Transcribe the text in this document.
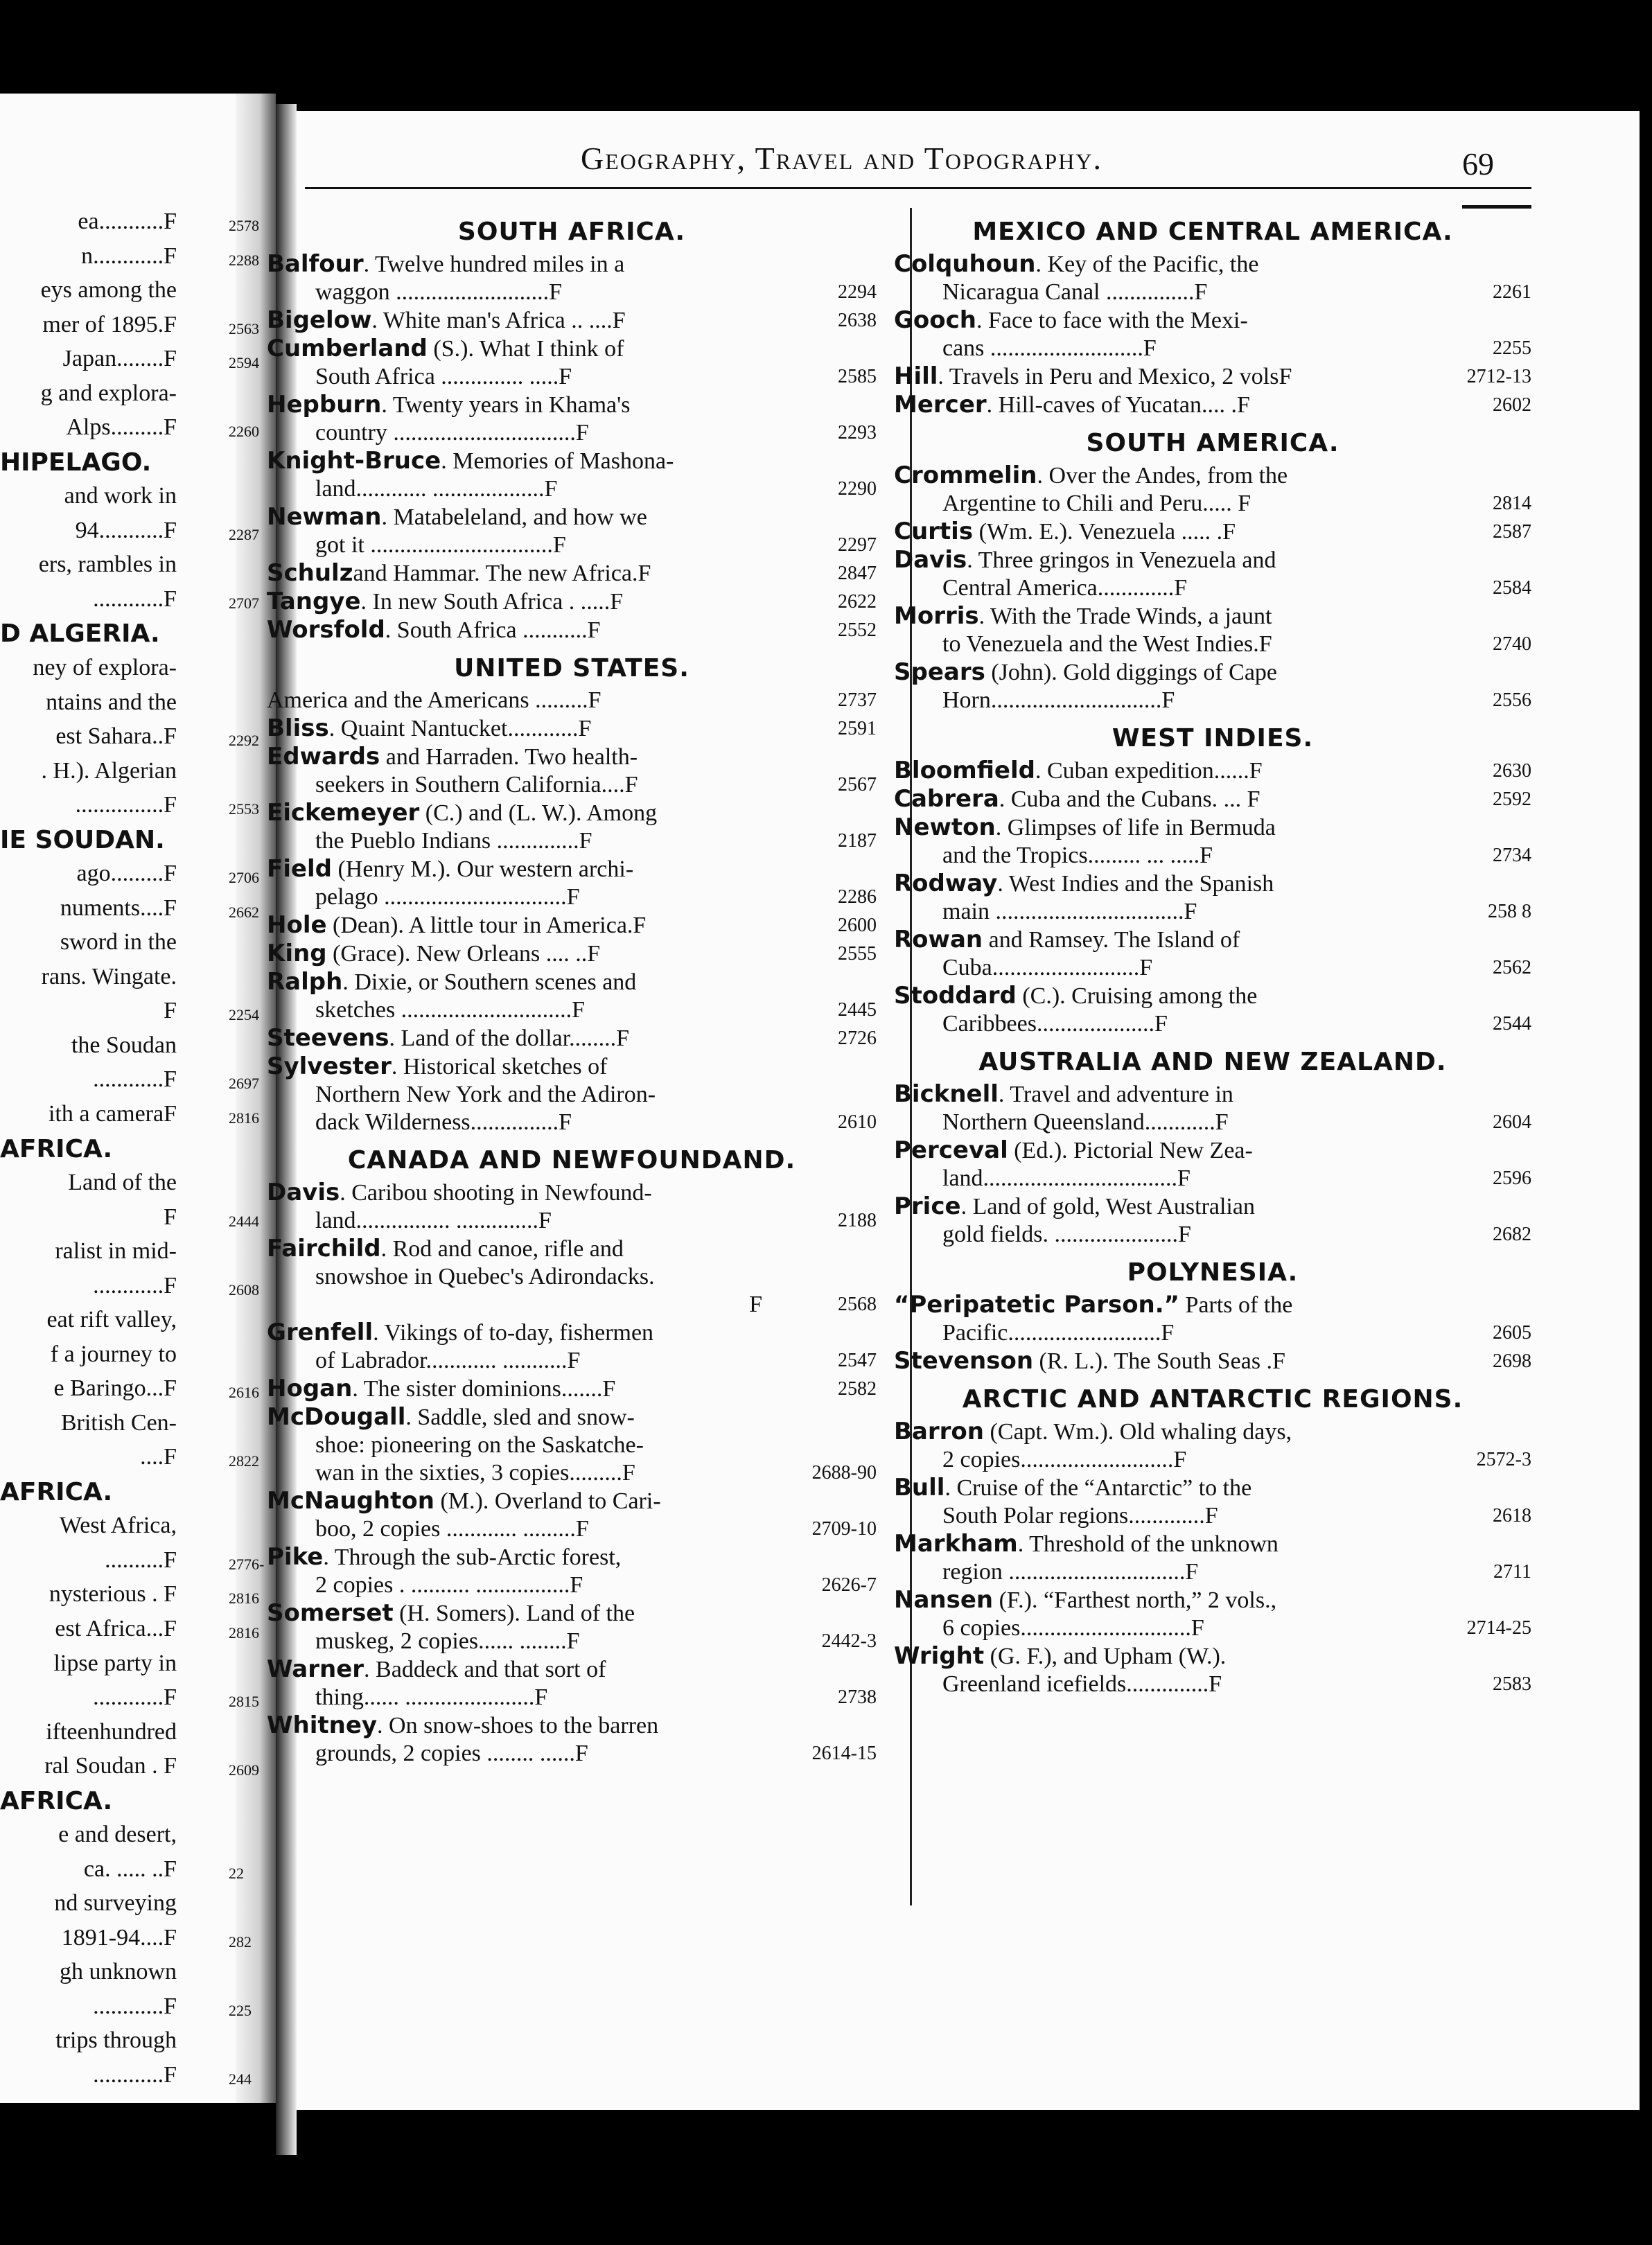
ea...........F	2578
n............F	2288
eys among the
mer of 1895.F	2563
Japan........F	2594
g and explora-
Alps.........F	2260
HIPELAGO.
and work in
94...........F	2287
ers, rambles in
............F	2707
D ALGERIA.
ney of explora-
ntains and the
est Sahara..F	2292
. H.). Algerian
...............F	2553
IE SOUDAN.
ago.........F	2706
numents....F	2662
sword in the
rans. Wingate.
F	2254
the Soudan
............F	2697
ith a cameraF	2816
AFRICA.
Land of the
F	2444
ralist in mid-
............F	2608
eat rift valley,
f a journey to
e Baringo...F	2616
British Cen-
....F	2822
AFRICA.
West Africa,
..........F	2776-
nysterious . F	2816
est Africa...F	2816
lipse party in
............F	2815
ifteenhundred
ral Soudan . F	2609
AFRICA.
e and desert,
ca. ..... ..F	22
nd surveying
1891-94....F	282
gh unknown
............F	225
trips through
............F	244
Geography, Travel and Topography.	69
SOUTH AFRICA.
Balfour. Twelve hundred miles in a
waggon ..........................F	2294
Bigelow. White man's Africa .. ....F	2638
Cumberland (S.). What I think of
South Africa .............. .....F	2585
Hepburn. Twenty years in Khama's
country ...............................F	2293
Knight-Bruce. Memories of Mashona-
land............ ...................F	2290
Newman. Matabeleland, and how we
got it ...............................F	2297
Schulzand Hammar. The new Africa.F	2847
Tangye. In new South Africa . .....F	2622
Worsfold. South Africa ...........F	2552
UNITED STATES.
America and the Americans .........F	2737
Bliss. Quaint Nantucket............F	2591
Edwards and Harraden. Two health-
seekers in Southern California....F	2567
Eickemeyer (C.) and (L. W.). Among
the Pueblo Indians ..............F	2187
Field (Henry M.). Our western archi-
pelago ...............................F	2286
Hole (Dean). A little tour in America.F	2600
King (Grace). New Orleans .... ..F	2555
Ralph. Dixie, or Southern scenes and
sketches .............................F	2445
Steevens. Land of the dollar........F	2726
Sylvester. Historical sketches of
Northern New York and the Adiron-
dack Wilderness...............F	2610
CANADA AND NEWFOUNDAND.
Davis. Caribou shooting in Newfound-
land................ ..............F	2188
Fairchild. Rod and canoe, rifle and
snowshoe in Quebec's Adirondacks.
F	2568
Grenfell. Vikings of to-day, fishermen
of Labrador............ ...........F	2547
Hogan. The sister dominions.......F	2582
McDougall. Saddle, sled and snow-
shoe: pioneering on the Saskatche-
wan in the sixties, 3 copies.........F	2688-90
McNaughton (M.). Overland to Cari-
boo, 2 copies ............ .........F	2709-10
Pike. Through the sub-Arctic forest,
2 copies . .......... ................F	2626-7
Somerset (H. Somers). Land of the
muskeg, 2 copies...... ........F	2442-3
Warner. Baddeck and that sort of
thing...... ......................F	2738
Whitney. On snow-shoes to the barren
grounds, 2 copies ........ ......F	2614-15
MEXICO AND CENTRAL AMERICA.
Colquhoun. Key of the Pacific, the
Nicaragua Canal ...............F	2261
Gooch. Face to face with the Mexi-
cans ..........................F	2255
Hill. Travels in Peru and Mexico, 2 volsF	2712-13
Mercer. Hill-caves of Yucatan.... .F	2602
SOUTH AMERICA.
Crommelin. Over the Andes, from the
Argentine to Chili and Peru..... F	2814
Curtis (Wm. E.). Venezuela ..... .F	2587
Davis. Three gringos in Venezuela and
Central America.............F	2584
Morris. With the Trade Winds, a jaunt
to Venezuela and the West Indies.F	2740
Spears (John). Gold diggings of Cape
Horn.............................F	2556
WEST INDIES.
Bloomfield. Cuban expedition......F	2630
Cabrera. Cuba and the Cubans. ... F	2592
Newton. Glimpses of life in Bermuda
and the Tropics......... ... .....F	2734
Rodway. West Indies and the Spanish
main ................................F	258 8
Rowan and Ramsey. The Island of
Cuba.........................F	2562
Stoddard (C.). Cruising among the
Caribbees....................F	2544
AUSTRALIA AND NEW ZEALAND.
Bicknell. Travel and adventure in
Northern Queensland............F	2604
Perceval (Ed.). Pictorial New Zea-
land.................................F	2596
Price. Land of gold, West Australian
gold fields. .....................F	2682
POLYNESIA.
“Peripatetic Parson.” Parts of the
Pacific..........................F	2605
Stevenson (R. L.). The South Seas .F	2698
ARCTIC AND ANTARCTIC REGIONS.
Barron (Capt. Wm.). Old whaling days,
2 copies..........................F	2572-3
Bull. Cruise of the “Antarctic” to the
South Polar regions.............F	2618
Markham. Threshold of the unknown
region ..............................F	2711
Nansen (F.). “Farthest north,” 2 vols.,
6 copies.............................F	2714-25
Wright (G. F.), and Upham (W.).
Greenland icefields..............F	2583
